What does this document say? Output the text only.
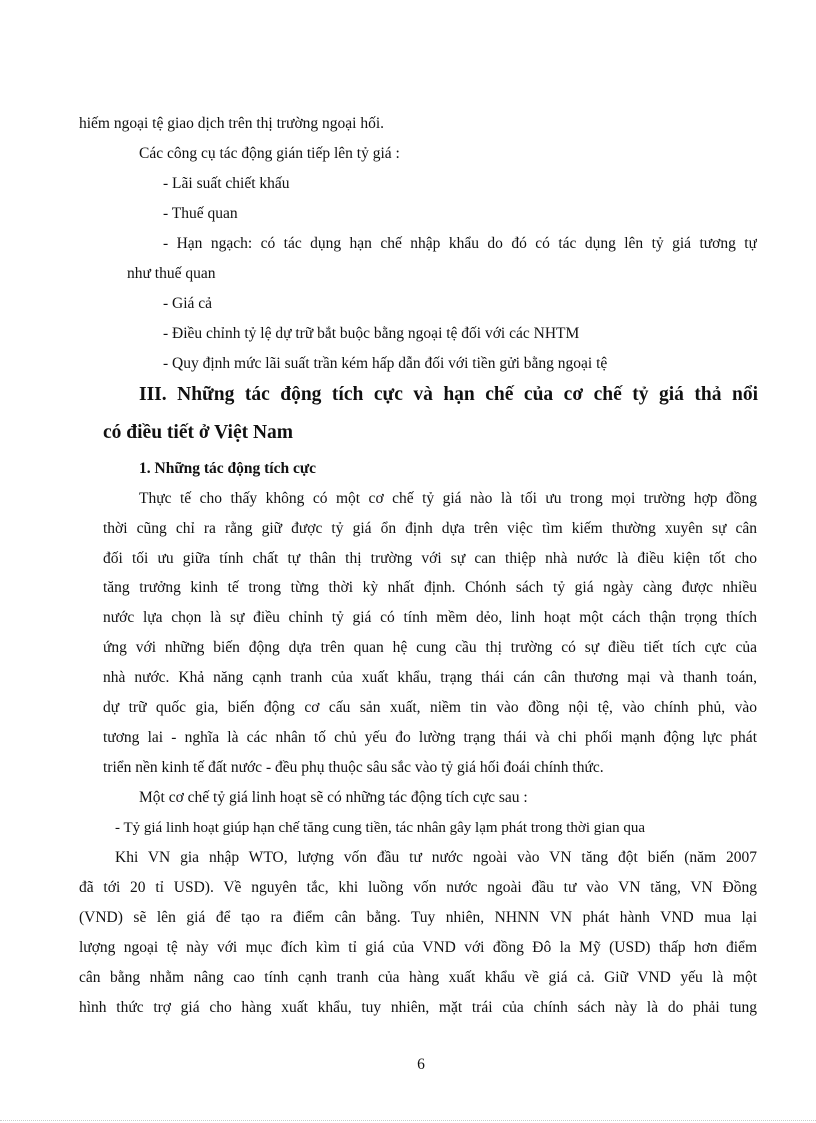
hiếm ngoại tệ giao dịch trên thị trường ngoại hối.
Các công cụ tác động gián tiếp lên tỷ giá :
- Lãi suất chiết khấu
- Thuế quan
- Hạn ngạch: có tác dụng hạn chế nhập khẩu do đó có tác dụng lên tỷ giá tương tự
như thuế quan
- Giá cả
- Điều chỉnh tỷ lệ dự trữ bắt buộc bằng ngoại tệ đối với các NHTM
- Quy định mức lãi suất trần kém hấp dẫn đối với tiền gửi bằng ngoại tệ
III. Những tác động tích cực và hạn chế của cơ chế tỷ giá thả nổi
có điều tiết ở Việt Nam
1. Những tác động tích cực
Thực tế cho thấy không có một cơ chế tỷ giá nào là tối ưu trong mọi trường hợp đồng
thời cũng chỉ ra rằng giữ được tỷ giá ổn định dựa trên việc tìm kiếm thường xuyên sự cân
đối tối ưu giữa tính chất tự thân thị trường với sự can thiệp nhà nước là điều kiện tốt cho
tăng trưởng kinh tế trong từng thời kỳ nhất định. Chónh sách tỷ giá ngày càng được nhiều
nước lựa chọn là sự điều chỉnh tỷ giá có tính mềm dẻo, linh hoạt một cách thận trọng thích
ứng với những biến động dựa trên quan hệ cung cầu thị trường có sự điều tiết tích cực của
nhà nước. Khả năng cạnh tranh của xuất khẩu, trạng thái cán cân thương mại và thanh toán,
dự trữ quốc gia, biến động cơ cấu sản xuất, niềm tin vào đồng nội tệ, vào chính phủ, vào
tương lai - nghĩa là các nhân tố chủ yếu đo lường trạng thái và chi phối mạnh động lực phát
triển nền kinh tế đất nước - đều phụ thuộc sâu sắc vào tỷ giá hối đoái chính thức.
Một cơ chế tỷ giá linh hoạt sẽ có những tác động tích cực sau :
- Tỷ giá linh hoạt giúp hạn chế tăng cung tiền, tác nhân gây lạm phát trong thời gian qua
Khi VN gia nhập WTO, lượng vốn đầu tư nước ngoài vào VN tăng đột biến (năm 2007
đã tới 20 tỉ USD). Về nguyên tắc, khi luồng vốn nước ngoài đầu tư vào VN tăng, VN Đồng
(VND) sẽ lên giá để tạo ra điểm cân bằng. Tuy nhiên, NHNN VN phát hành VND mua lại
lượng ngoại tệ này với mục đích kìm tỉ giá của VND với đồng Đô la Mỹ (USD) thấp hơn điểm
cân bằng nhằm nâng cao tính cạnh tranh của hàng xuất khẩu về giá cả. Giữ VND yếu là một
hình thức trợ giá cho hàng xuất khẩu, tuy nhiên, mặt trái của chính sách này là do phải tung
6
